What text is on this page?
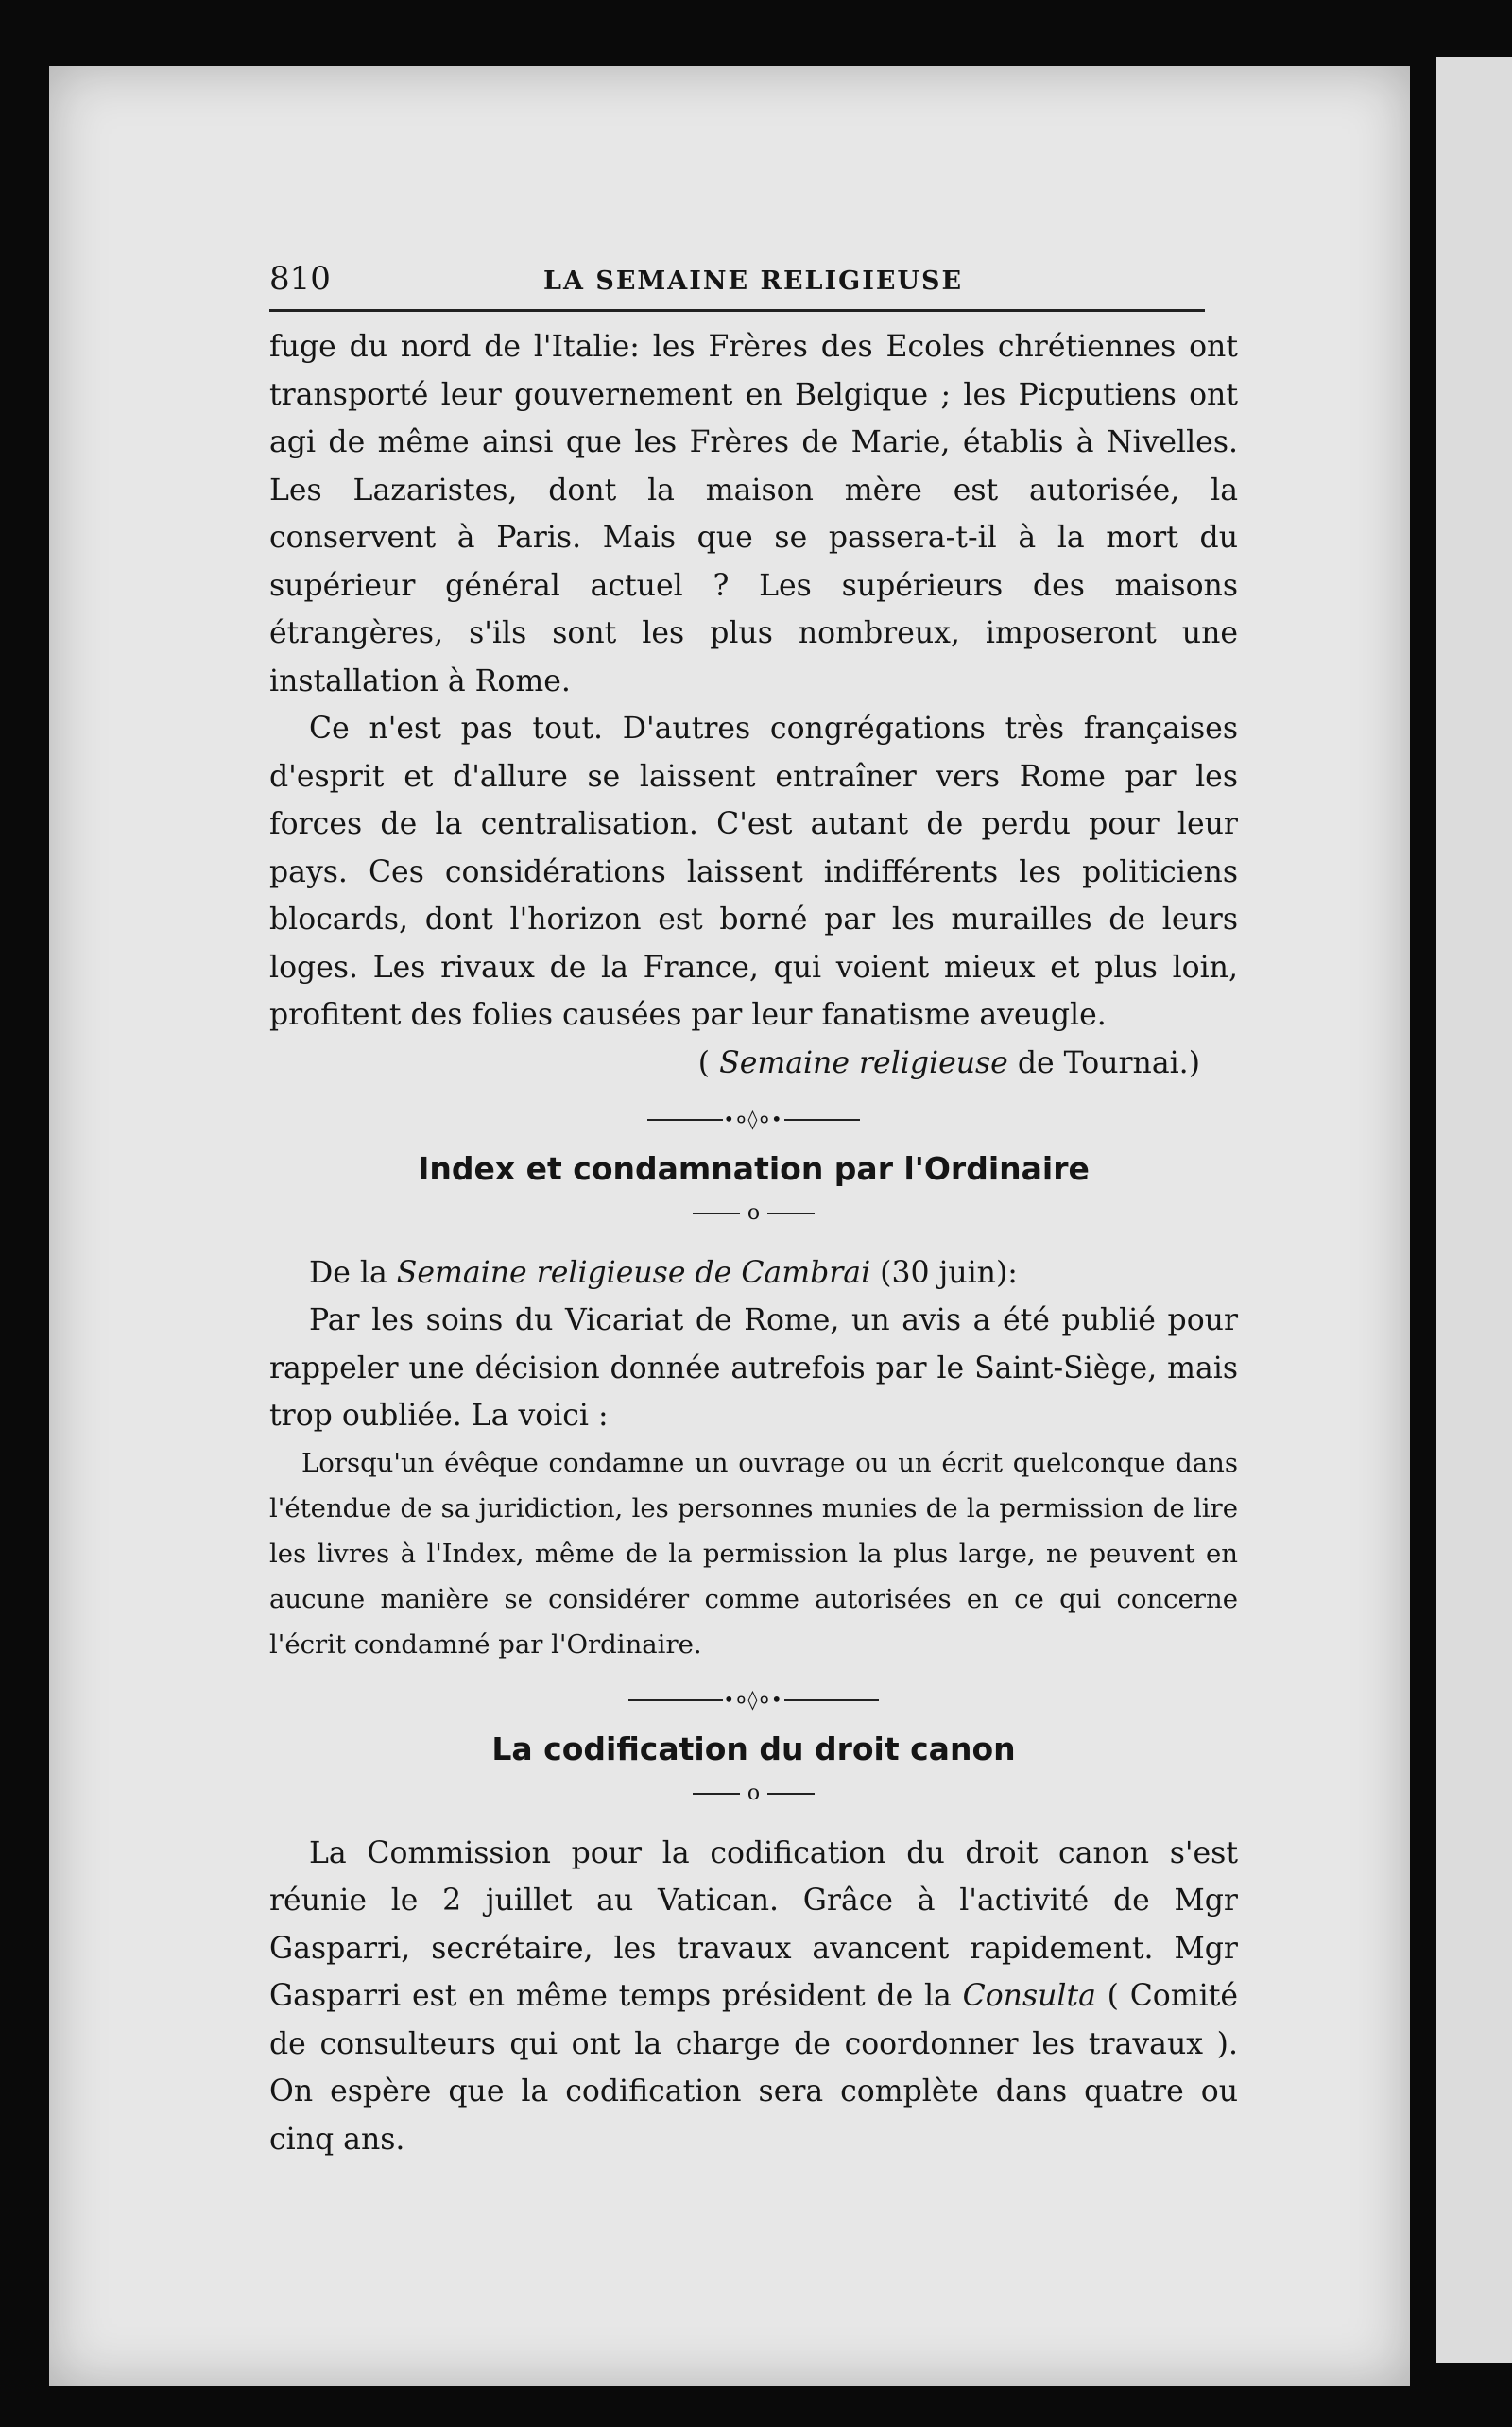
810	LA SEMAINE RELIGIEUSE

fuge du nord de l'Italie: les Frères des Ecoles chrétiennes ont transporté leur gouvernement en Belgique ; les Picputiens ont agi de même ainsi que les Frères de Marie, établis à Nivelles. Les Lazaristes, dont la maison mère est autorisée, la conservent à Paris. Mais que se passera-t-il à la mort du supérieur général actuel ? Les supérieurs des maisons étrangères, s'ils sont les plus nombreux, imposeront une installation à Rome.

Ce n'est pas tout. D'autres congrégations très françaises d'esprit et d'allure se laissent entraîner vers Rome par les forces de la centralisation. C'est autant de perdu pour leur pays. Ces considérations laissent indifférents les politiciens blocards, dont l'horizon est borné par les murailles de leurs loges. Les rivaux de la France, qui voient mieux et plus loin, profitent des folies causées par leur fanatisme aveugle.

( Semaine religieuse de Tournai.)

•०◊०•

Index et condamnation par l'Ordinaire

o

De la Semaine religieuse de Cambrai (30 juin):

Par les soins du Vicariat de Rome, un avis a été publié pour rappeler une décision donnée autrefois par le Saint-Siège, mais trop oubliée. La voici :

Lorsqu'un évêque condamne un ouvrage ou un écrit quelconque dans l'étendue de sa juridiction, les personnes munies de la permission de lire les livres à l'Index, même de la permission la plus large, ne peuvent en aucune manière se considérer comme autorisées en ce qui concerne l'écrit condamné par l'Ordinaire.

•०◊०•

La codification du droit canon

o

La Commission pour la codification du droit canon s'est réunie le 2 juillet au Vatican. Grâce à l'activité de Mgr Gasparri, secrétaire, les travaux avancent rapidement. Mgr Gasparri est en même temps président de la Consulta ( Comité de consulteurs qui ont la charge de coordonner les travaux ). On espère que la codification sera complète dans quatre ou cinq ans.
